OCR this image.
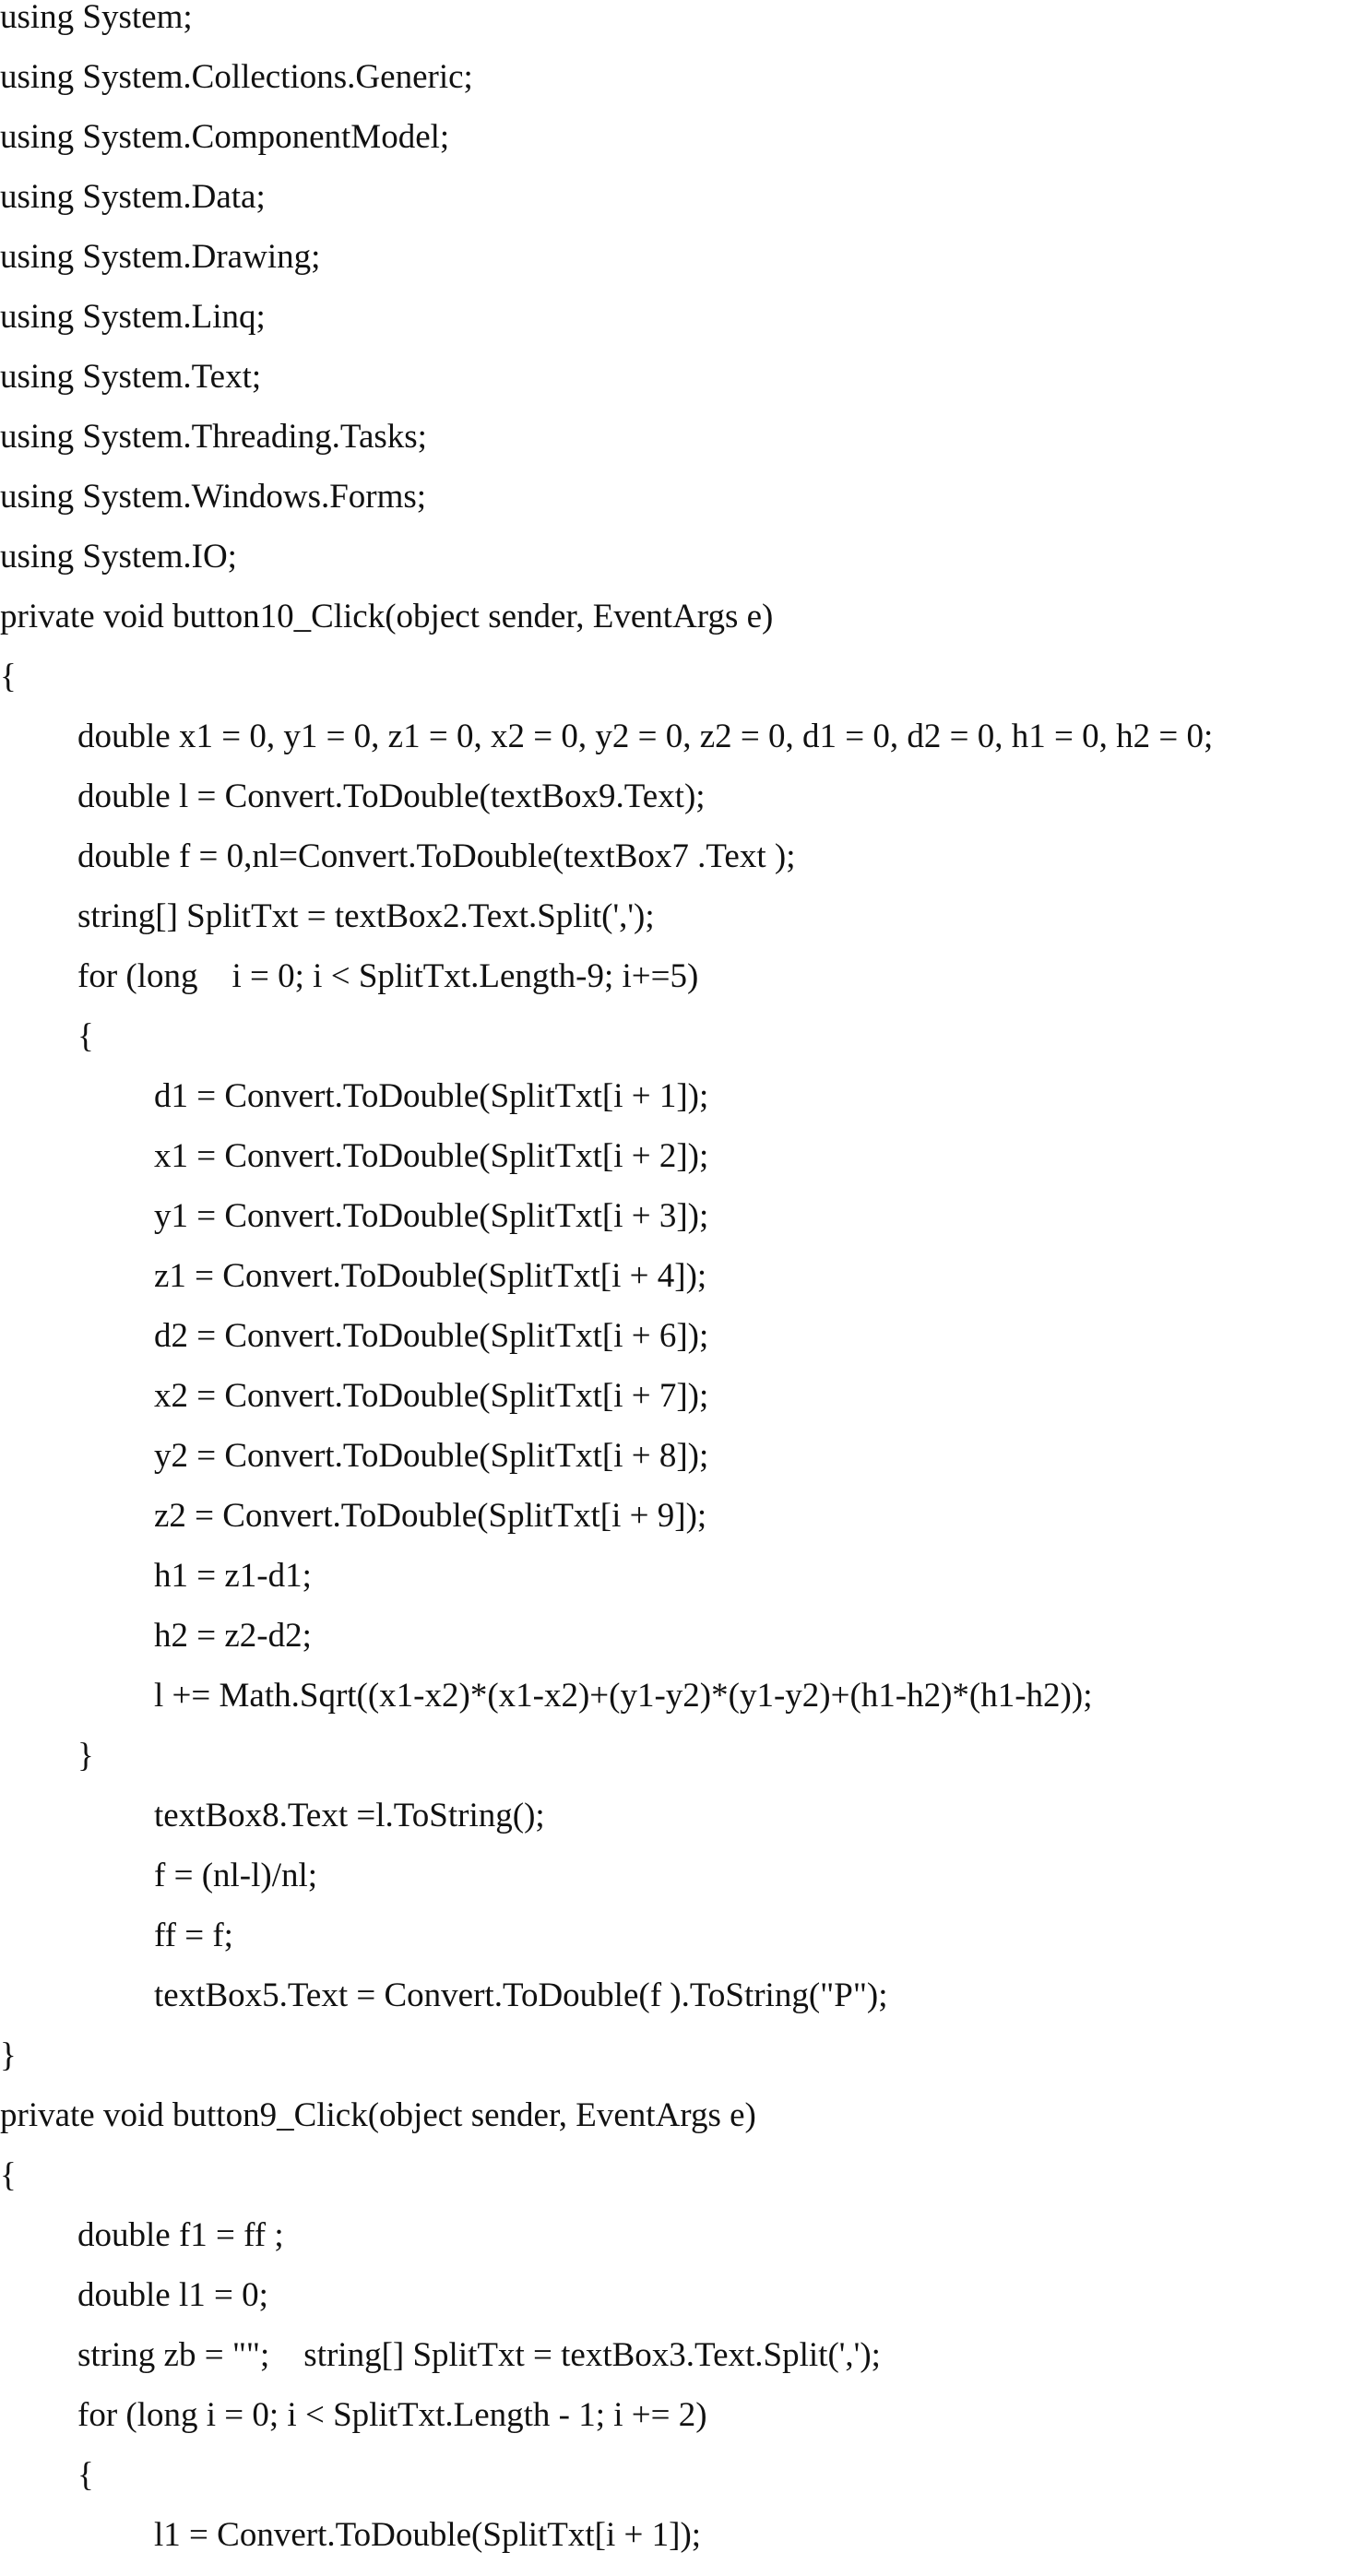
using System;
using System.Collections.Generic;
using System.ComponentModel;
using System.Data;
using System.Drawing;
using System.Linq;
using System.Text;
using System.Threading.Tasks;
using System.Windows.Forms;
using System.IO;
private void button10_Click(object sender, EventArgs e)
{
double x1 = 0, y1 = 0, z1 = 0, x2 = 0, y2 = 0, z2 = 0, d1 = 0, d2 = 0, h1 = 0, h2 = 0;
double l = Convert.ToDouble(textBox9.Text);
double f = 0,nl=Convert.ToDouble(textBox7 .Text );
string[] SplitTxt = textBox2.Text.Split(',');
for (long    i = 0; i < SplitTxt.Length-9; i+=5)
{
d1 = Convert.ToDouble(SplitTxt[i + 1]);
x1 = Convert.ToDouble(SplitTxt[i + 2]);
y1 = Convert.ToDouble(SplitTxt[i + 3]);
z1 = Convert.ToDouble(SplitTxt[i + 4]);
d2 = Convert.ToDouble(SplitTxt[i + 6]);
x2 = Convert.ToDouble(SplitTxt[i + 7]);
y2 = Convert.ToDouble(SplitTxt[i + 8]);
z2 = Convert.ToDouble(SplitTxt[i + 9]);
h1 = z1-d1;
h2 = z2-d2;
l += Math.Sqrt((x1-x2)*(x1-x2)+(y1-y2)*(y1-y2)+(h1-h2)*(h1-h2));
}
textBox8.Text =l.ToString();
f = (nl-l)/nl;
ff = f;
textBox5.Text = Convert.ToDouble(f ).ToString("P");
}
private void button9_Click(object sender, EventArgs e)
{
double f1 = ff ;
double l1 = 0;
string zb = "";    string[] SplitTxt = textBox3.Text.Split(',');
for (long i = 0; i < SplitTxt.Length - 1; i += 2)
{
l1 = Convert.ToDouble(SplitTxt[i + 1]);
